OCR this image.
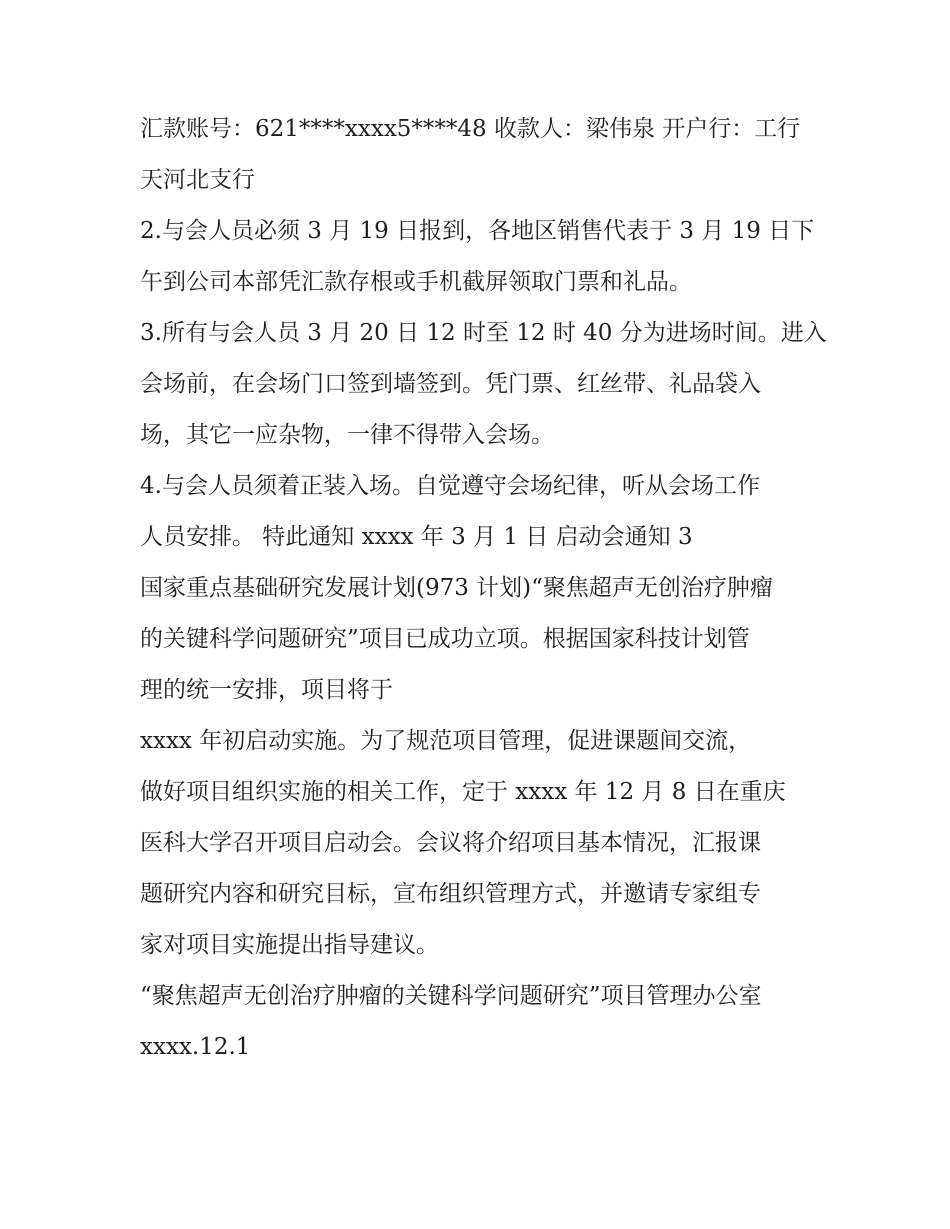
汇款账号：621****xxxx5****48 收款人：梁伟泉 开户行：工行
天河北支行
2.与会人员必须 3 月 19 日报到，各地区销售代表于 3 月 19 日下
午到公司本部凭汇款存根或手机截屏领取门票和礼品。
3.所有与会人员 3 月 20 日 12 时至 12 时 40 分为进场时间。进入
会场前，在会场门口签到墙签到。凭门票、红丝带、礼品袋入
场，其它一应杂物，一律不得带入会场。
4.与会人员须着正装入场。自觉遵守会场纪律，听从会场工作
人员安排。 特此通知 xxxx 年 3 月 1 日 启动会通知 3
国家重点基础研究发展计划(973 计划)“聚焦超声无创治疗肿瘤
的关键科学问题研究”项目已成功立项。根据国家科技计划管
理的统一安排，项目将于
xxxx 年初启动实施。为了规范项目管理，促进课题间交流，
做好项目组织实施的相关工作，定于 xxxx 年 12 月 8 日在重庆
医科大学召开项目启动会。会议将介绍项目基本情况，汇报课
题研究内容和研究目标，宣布组织管理方式，并邀请专家组专
家对项目实施提出指导建议。
“聚焦超声无创治疗肿瘤的关键科学问题研究”项目管理办公室
xxxx.12.1
